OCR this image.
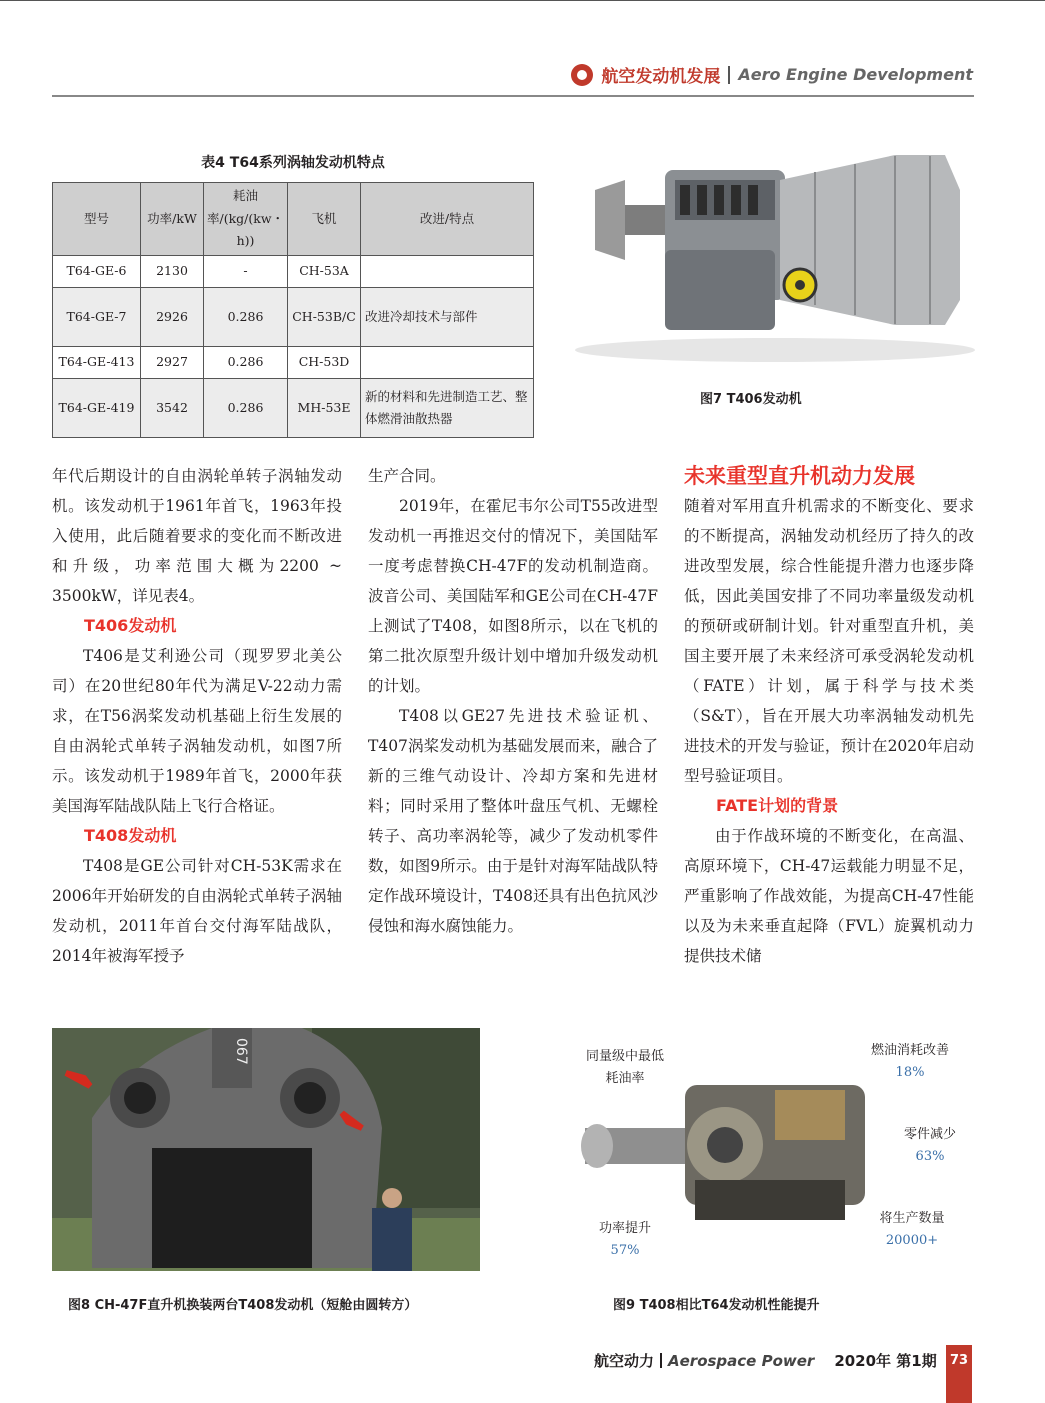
航空发动机发展 Aero Engine Development
表4 T64系列涡轴发动机特点
型号	功率/kW	耗油率/(kg/(kw・h))	飞机	改进/特点
T64-GE-6	2130	-	CH-53A	
T64-GE-7	2926	0.286	CH-53B/C	改进冷却技术与部件
T64-GE-413	2927	0.286	CH-53D	
T64-GE-419	3542	0.286	MH-53E	新的材料和先进制造工艺、整体燃滑油散热器
图7 T406发动机

年代后期设计的自由涡轮单转子涡轴发动机。该发动机于1961年首飞，1963年投入使用，此后随着要求的变化而不断改进和升级，功率范围大概为2200 ~ 3500kW，详见表4。

T406发动机

T406是艾利逊公司（现罗罗北美公司）在20世纪80年代为满足V-22动力需求，在T56涡桨发动机基础上衍生发展的自由涡轮式单转子涡轴发动机，如图7所示。该发动机于1989年首飞，2000年获美国海军陆战队陆上飞行合格证。

T408发动机

T408是GE公司针对CH-53K需求在2006年开始研发的自由涡轮式单转子涡轴发动机，2011年首台交付海军陆战队，2014年被海军授予

生产合同。

2019年，在霍尼韦尔公司T55改进型发动机一再推迟交付的情况下，美国陆军一度考虑替换CH-47F的发动机制造商。波音公司、美国陆军和GE公司在CH-47F上测试了T408，如图8所示，以在飞机的第二批次原型升级计划中增加升级发动机的计划。

T408以GE27先进技术验证机、T407涡桨发动机为基础发展而来，融合了新的三维气动设计、冷却方案和先进材料；同时采用了整体叶盘压气机、无螺栓转子、高功率涡轮等，减少了发动机零件数，如图9所示。由于是针对海军陆战队特定作战环境设计，T408还具有出色抗风沙侵蚀和海水腐蚀能力。

未来重型直升机动力发展

随着对军用直升机需求的不断变化、要求的不断提高，涡轴发动机经历了持久的改进改型发展，综合性能提升潜力也逐步降低，因此美国安排了不同功率量级发动机的预研或研制计划。针对重型直升机，美国主要开展了未来经济可承受涡轮发动机（FATE）计划，属于科学与技术类（S&T），旨在开展大功率涡轴发动机先进技术的开发与验证，预计在2020年启动型号验证项目。

FATE计划的背景

由于作战环境的不断变化，在高温、高原环境下，CH-47运载能力明显不足，严重影响了作战效能，为提高CH-47性能以及为未来垂直起降（FVL）旋翼机动力提供技术储

067
图8 CH-47F直升机换装两台T408发动机（短舱由圆转方）
同量级中最低耗油率
燃油消耗改善
18%
零件减少
63%
将生产数量
20000+
功率提升
57%
图9 T408相比T64发动机性能提升
航空动力 Aerospace Power 2020年 第1期	73
